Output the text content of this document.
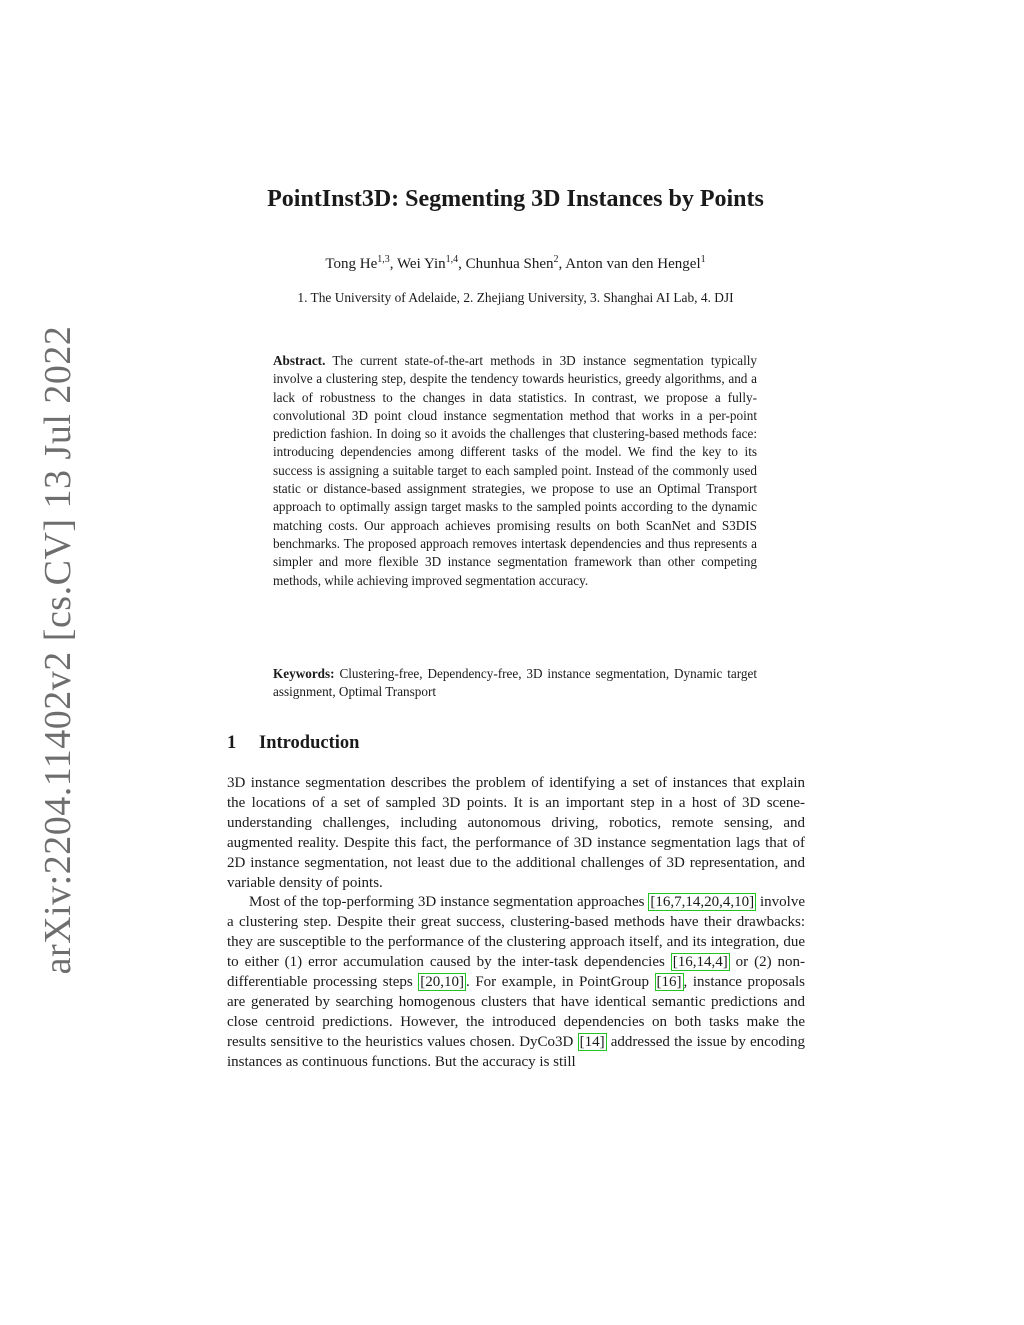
arXiv:2204.11402v2 [cs.CV] 13 Jul 2022
PointInst3D: Segmenting 3D Instances by Points
Tong He$^{1,3}$, Wei Yin$^{1,4}$, Chunhua Shen$^2$, Anton van den Hengel$^1$
1. The University of Adelaide, 2. Zhejiang University, 3. Shanghai AI Lab, 4. DJI
Abstract. The current state-of-the-art methods in 3D instance segmentation typically involve a clustering step, despite the tendency towards heuristics, greedy algorithms, and a lack of robustness to the changes in data statistics. In contrast, we propose a fully-convolutional 3D point cloud instance segmentation method that works in a per-point prediction fashion. In doing so it avoids the challenges that clustering-based methods face: introducing dependencies among different tasks of the model. We find the key to its success is assigning a suitable target to each sampled point. Instead of the commonly used static or distance-based assignment strategies, we propose to use an Optimal Transport approach to optimally assign target masks to the sampled points according to the dynamic matching costs. Our approach achieves promising results on both ScanNet and S3DIS benchmarks. The proposed approach removes intertask dependencies and thus represents a simpler and more flexible 3D instance segmentation framework than other competing methods, while achieving improved segmentation accuracy.
Keywords: Clustering-free, Dependency-free, 3D instance segmentation, Dynamic target assignment, Optimal Transport
1 Introduction

3D instance segmentation describes the problem of identifying a set of instances that explain the locations of a set of sampled 3D points. It is an important step in a host of 3D scene-understanding challenges, including autonomous driving, robotics, remote sensing, and augmented reality. Despite this fact, the performance of 3D instance segmentation lags that of 2D instance segmentation, not least due to the additional challenges of 3D representation, and variable density of points.

Most of the top-performing 3D instance segmentation approaches [16,7,14,20,4,10] involve a clustering step. Despite their great success, clustering-based methods have their drawbacks: they are susceptible to the performance of the clustering approach itself, and its integration, due to either (1) error accumulation caused by the inter-task dependencies [16,14,4] or (2) non-differentiable processing steps [20,10] . For example, in PointGroup [16] , instance proposals are generated by searching homogenous clusters that have identical semantic predictions and close centroid predictions. However, the introduced dependencies on both tasks make the results sensitive to the heuristics values chosen. DyCo3D [14] addressed the issue by encoding instances as continuous functions. But the accuracy is still
